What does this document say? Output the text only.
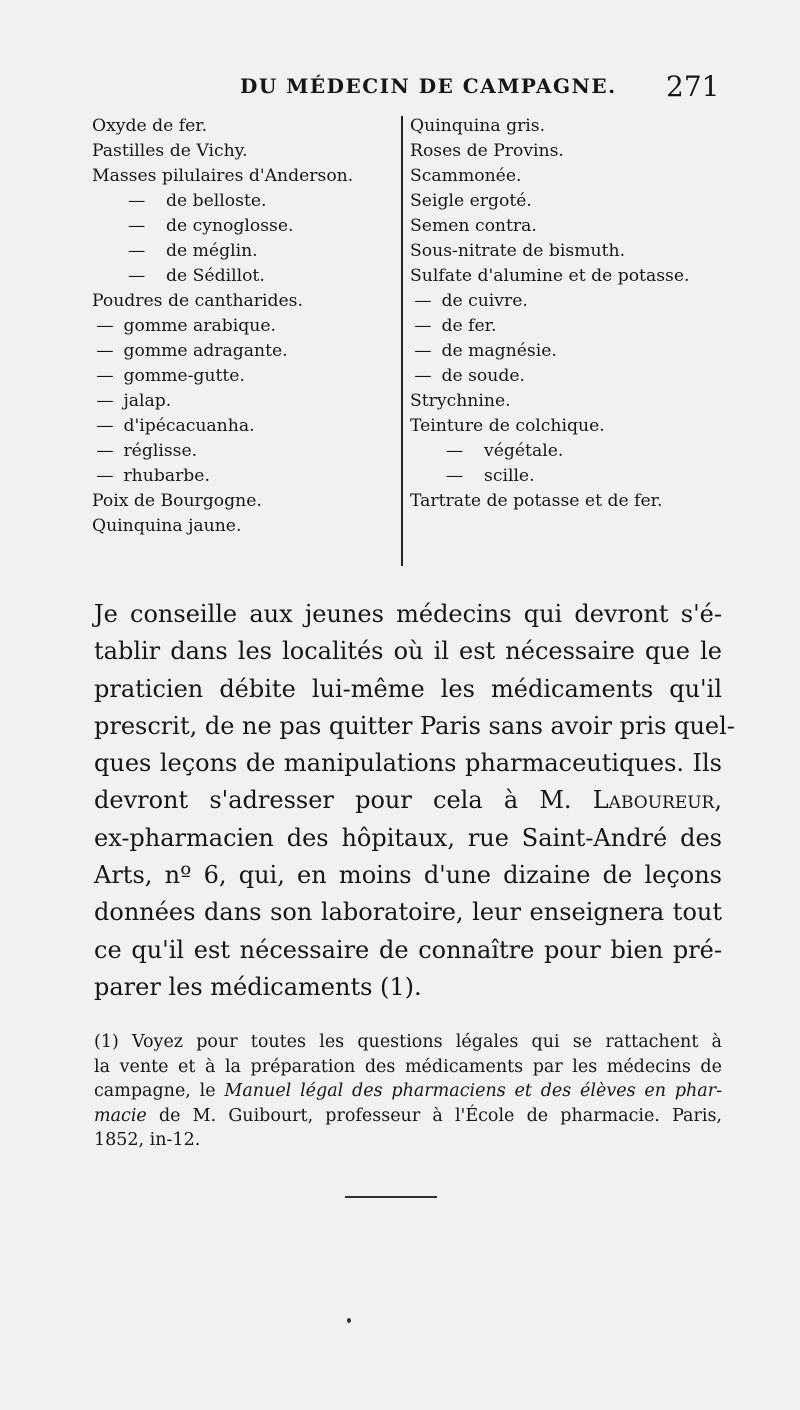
DU MÉDECIN DE CAMPAGNE. 271
Oxyde de fer.
Pastilles de Vichy.
Masses pilulaires d'Anderson.
— de belloste.
— de cynoglosse.
— de méglin.
— de Sédillot.
Poudres de cantharides.
— gomme arabique.
— gomme adragante.
— gomme-gutte.
— jalap.
— d'ipécacuanha.
— réglisse.
— rhubarbe.
Poix de Bourgogne.
Quinquina jaune.
Quinquina gris.
Roses de Provins.
Scammonée.
Seigle ergoté.
Semen contra.
Sous-nitrate de bismuth.
Sulfate d'alumine et de potasse.
— de cuivre.
— de fer.
— de magnésie.
— de soude.
Strychnine.
Teinture de colchique.
— végétale.
— scille.
Tartrate de potasse et de fer.
Je conseille aux jeunes médecins qui devront s'é-
tablir dans les localités où il est nécessaire que le
praticien débite lui-même les médicaments qu'il
prescrit, de ne pas quitter Paris sans avoir pris quel-
ques leçons de manipulations pharmaceutiques. Ils
devront s'adresser pour cela à M. Laboureur,
ex-pharmacien des hôpitaux, rue Saint-André des
Arts, nº 6, qui, en moins d'une dizaine de leçons
données dans son laboratoire, leur enseignera tout
ce qu'il est nécessaire de connaître pour bien pré-
parer les médicaments (1).
(1) Voyez pour toutes les questions légales qui se rattachent à
la vente et à la préparation des médicaments par les médecins de
campagne, le Manuel légal des pharmaciens et des élèves en phar-
macie de M. Guibourt, professeur à l'École de pharmacie. Paris,
1852, in-12.
